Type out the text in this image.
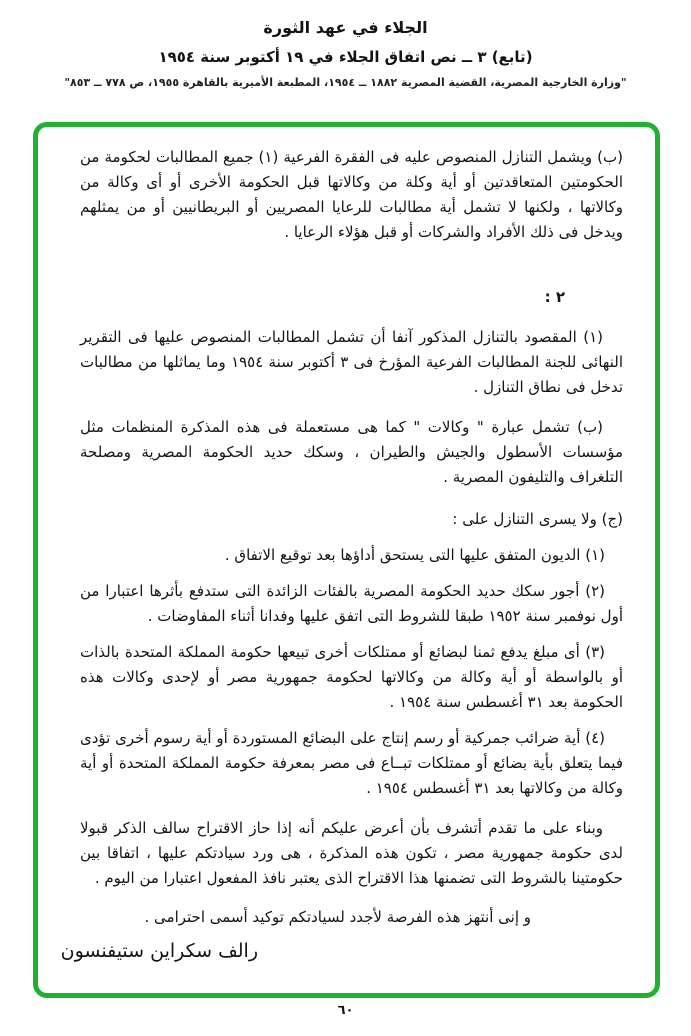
الجلاء في عهد الثورة
(تابع) ٣ ــ نص اتفاق الجلاء في ١٩ أكتوبر سنة ١٩٥٤
"وزارة الخارجية المصرية، القضية المصرية ١٨٨٢ ــ ١٩٥٤، المطبعة الأميرية بالقاهرة ١٩٥٥، ص ٧٧٨ ــ ٨٥٣"

(ب) ويشمل التنازل المنصوص عليه فى الفقرة الفرعية (١) جميع المطالبات لحكومة من الحكومتين المتعاقدتين أو أية وكلة من وكالاتها قبل الحكومة الأخرى أو أى وكالة من وكالاتها ، ولكنها لا تشمل أية مطالبات للرعايا المصريين أو البريطانيين أو من يمثلهم ويدخل فى ذلك الأفراد والشركات أو قبل هؤلاء الرعايا .

٢ :

(١) المقصود بالتنازل المذكور آنفا أن تشمل المطالبات المنصوص عليها فى التقرير النهائى للجنة المطالبات الفرعية المؤرخ فى ٣ أكتوبر سنة ١٩٥٤ وما يماثلها من مطالبات تدخل فى نطاق التنازل .

(ب) تشمل عبارة " وكالات " كما هى مستعملة فى هذه المذكرة المنظمات مثل مؤسسات الأسطول والجيش والطيران ، وسكك حديد الحكومة المصرية ومصلحة التلغراف والتليفون المصرية .

(ج) ولا يسرى التنازل على :

(١) الديون المتفق عليها التى يستحق أداؤها بعد توقيع الاتفاق .

(٢) أجور سكك حديد الحكومة المصرية بالفئات الزائدة التى ستدفع بأثرها اعتبارا من أول نوفمبر سنة ١٩٥٢ طبقا للشروط التى اتفق عليها وفدانا أثناء المفاوضات .

(٣) أى مبلغ يدفع ثمنا لبضائع أو ممتلكات أخرى تبيعها حكومة المملكة المتحدة بالذات أو بالواسطة أو أية وكالة من وكالاتها لحكومة جمهورية مصر أو لإحدى وكالات هذه الحكومة بعد ٣١ أغسطس سنة ١٩٥٤ .

(٤) أية ضرائب جمركية أو رسم إنتاج على البضائع المستوردة أو أية رسوم أخرى تؤدى فيما يتعلق بأية بضائع أو ممتلكات تبــاع فى مصر بمعرفة حكومة المملكة المتحدة أو أية وكالة من وكالاتها بعد ٣١ أغسطس ١٩٥٤ .

وبناء على ما تقدم أتشرف بأن أعرض عليكم أنه إذا حاز الاقتراح سالف الذكر قبولا لدى حكومة جمهورية مصر ، تكون هذه المذكرة ، هى ورد سيادتكم عليها ، اتفاقا بين حكومتينا بالشروط التى تضمنها هذا الاقتراح الذى يعتبر نافذ المفعول اعتبارا من اليوم .

و إنى أنتهز هذه الفرصة لأجدد لسيادتكم توكيد أسمى احترامى .

رالف سكراين ستيفنسون

٦٠
